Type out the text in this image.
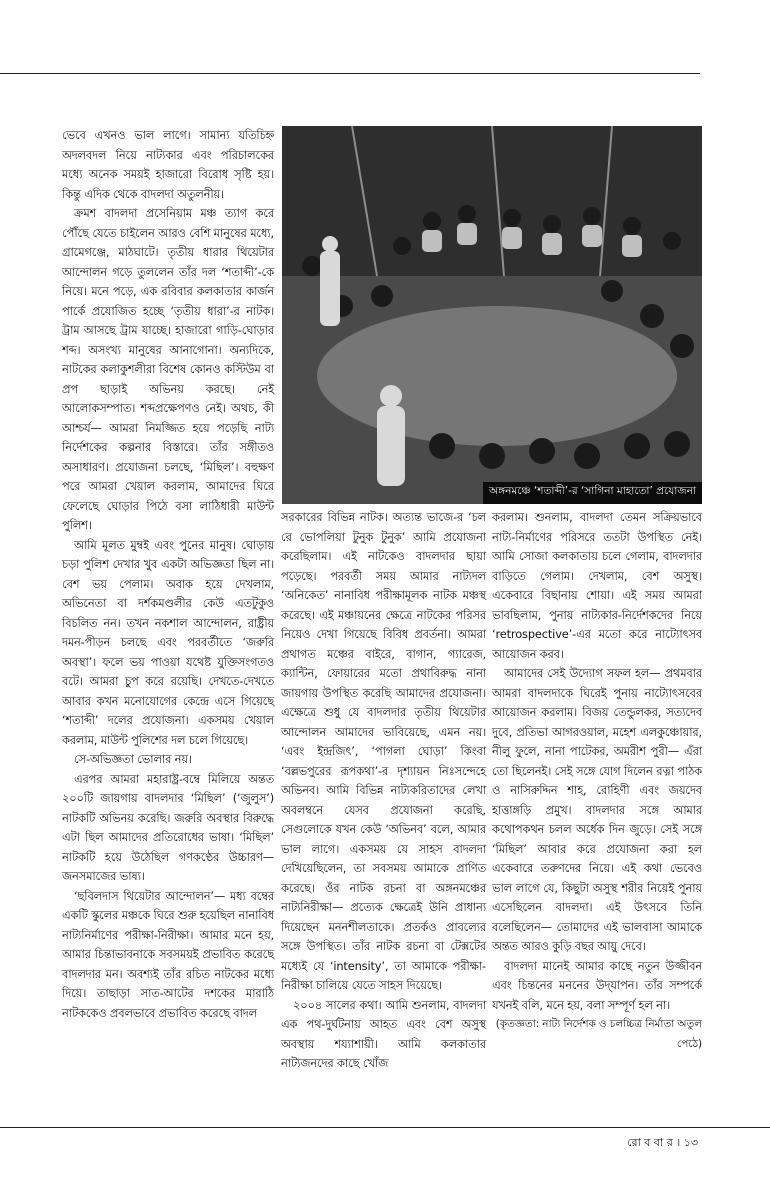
ভেবে এখনও ভাল লাগে। সামান্য যতিচিহ্ন অদলবদল নিয়ে নাট্যকার এবং পরিচালকের মধ্যে অনেক সময়ই হাজারো বিরোধ সৃষ্টি হয়। কিন্তু এদিক থেকে বাদলদা অতুলনীয়।

ক্রমশ বাদলদা প্রসেনিয়াম মঞ্চ ত্যাগ করে পৌঁছে যেতে চাইলেন আরও বেশি মানুষের মধ্যে, গ্রামেগঞ্জে, মাঠঘাটে। তৃতীয় ধারার থিয়েটার আন্দোলন গড়ে তুললেন তাঁর দল ‘শতাব্দী’-কে নিয়ে। মনে পড়ে, এক রবিবার কলকাতার কার্জন পার্কে প্রযোজিত হচ্ছে ‘তৃতীয় ধারা’-র নাটক। ট্রাম আসছে ট্রাম যাচ্ছে। হাজারো গাড়ি-ঘোড়ার শব্দ। অসংখ্য মানুষের আনাগোনা। অন্যদিকে, নাটকের কলাকুশলীরা বিশেষ কোনও কস্টিউম বা প্রপ ছাড়াই অভিনয় করছে। নেই আলোকসম্পাত। শব্দপ্রক্ষেপণও নেই। অথচ, কী আশ্চর্য— আমরা নিমজ্জিত হয়ে পড়েছি নাট্য নির্দেশকের কল্পনার বিস্তারে। তাঁর সঙ্গীতও অসাধারণ। প্রযোজনা চলছে, ‘মিছিল’। বহুক্ষণ পরে আমরা খেয়াল করলাম, আমাদের ঘিরে ফেলেছে ঘোড়ার পিঠে বসা লাঠিধারী মাউন্ট পুলিশ।

আমি মূলত মুম্বই এবং পুনের মানুষ। ঘোড়ায় চড়া পুলিশ দেখার খুব একটা অভিজ্ঞতা ছিল না। বেশ ভয় পেলাম। অবাক হয়ে দেখলাম, অভিনেতা বা দর্শকমণ্ডলীর কেউ এতটুকুও বিচলিত নন। তখন নকশাল আন্দোলন, রাষ্ট্রীয় দমন-পীড়ন চলছে এবং পরবর্তীতে ‘জরুরি অবস্থা’। ফলে ভয় পাওয়া যথেষ্ট যুক্তিসংগতও বটে। আমরা চুপ করে রয়েছি। দেখতে-দেখতে আবার কখন মনোযোগের কেন্দ্রে এসে গিয়েছে ‘শতাব্দী’ দলের প্রযোজনা। একসময় খেয়াল করলাম, মাউন্ট পুলিশের দল চলে গিয়েছে।

সে-অভিজ্ঞতা ভোলার নয়।

এরপর আমরা মহারাষ্ট্র-বম্বে মিলিয়ে অন্তত ২০০টি জায়গায় বাদলদার ‘মিছিল’ (‘জুলুস’) নাটকটি অভিনয় করেছি। জরুরি অবস্থার বিরুদ্ধে এটা ছিল আমাদের প্রতিরোধের ভাষা। ‘মিছিল’ নাটকটি হয়ে উঠেছিল গণকণ্ঠের উচ্চারণ— জনসমাজের ভাষ্য।

‘ছবিলদাস থিয়েটার আন্দোলন’— মধ্য বম্বের একটি স্কুলের মঞ্চকে ঘিরে শুরু হয়েছিল নানাবিধ নাট্যনির্মাণের পরীক্ষা-নিরীক্ষা। আমার মনে হয়, আমার চিন্তাভাবনাকে সবসময়ই প্রভাবিত করেছে বাদলদার মন। অবশ্যই তাঁর রচিত নাটকের মধ্যে দিয়ে। তাছাড়া সাত-আটের দশকের মারাঠি নাটককেও প্রবলভাবে প্রভাবিত করেছে বাদল

অঙ্গনমঞ্চে ‘শতাব্দী’-র ‘সাগিনা মাহাতো’ প্রযোজনা

সরকারের বিভিন্ন নাটক। অত্যন্ত ভাজে-র ‘চল রে ভোপলিয়া টুনুক টুনুক’ আমি প্রযোজনা করেছিলাম। এই নাটকেও বাদলদার ছায়া পড়েছে। পরবর্তী সময় আমার নাট্যদল ‘অনিকেত’ নানাবিধ পরীক্ষামূলক নাটক মঞ্চস্থ করেছে। এই মঞ্চায়নের ক্ষেত্রে নাটকের পরিসর নিয়েও দেখা গিয়েছে বিবিধ প্রবর্তনা। আমরা প্রথাগত মঞ্চের বাইরে, বাগান, গ্যারেজ, ক্যান্টিন, ফোয়ারের মতো প্রথাবিরুদ্ধ নানা জায়গায় উপস্থিত করেছি আমাদের প্রযোজনা। এক্ষেত্রে শুধু যে বাদলদার তৃতীয় থিয়েটার আন্দোলন আমাদের ভাবিয়েছে, এমন নয়। ‘এবং ইন্দ্রজিৎ’, ‘পাগলা ঘোড়া’ কিংবা ‘বল্লভপুরের রূপকথা’-র দৃশ্যায়ন নিঃসন্দেহে অভিনব। আমি বিভিন্ন নাট্যকরিতাদের লেখা অবলম্বনে যেসব প্রযোজনা করেছি, সেগুলোকে যখন কেউ ‘অভিনব’ বলে, আমার ভাল লাগে। একসময় যে সাহস বাদলদা দেখিয়েছিলেন, তা সবসময় আমাকে প্রাণিত করেছে। ওঁর নাটক রচনা বা অঙ্গনমঞ্চের নাট্যনিরীক্ষা— প্রত্যেক ক্ষেত্রেই উনি প্রাধান্য দিয়েছেন মননশীলতাকে। প্রতর্কও প্রাবল্যের সঙ্গে উপস্থিত। তাঁর নাটক রচনা বা টেক্সটের মধ্যেই যে ‘intensity’, তা আমাকে পরীক্ষা-নিরীক্ষা চালিয়ে যেতে সাহস দিয়েছে।

২০০৪ সালের কথা। আমি শুনলাম, বাদলদা এক পথ-দুর্ঘটনায় আহত এবং বেশ অসুস্থ অবস্থায় শয্যাশায়ী। আমি কলকাতার নাট্যজনদের কাছে খোঁজ

করলাম। শুনলাম, বাদলদা তেমন সক্রিয়ভাবে নাট্য-নির্মাণের পরিসরে ততটা উপস্থিত নেই। আমি সোজা কলকাতায় চলে গেলাম, বাদলদার বাড়িতে গেলাম। দেখলাম, বেশ অসুস্থ। একেবারে বিছানায় শোয়া। এই সময় আমরা ভাবছিলাম, পুনায় নাট্যকার-নির্দেশকদের নিয়ে ‘retrospective’-এর মতো করে নাট্যোৎসব আয়োজন করব।

আমাদের সেই উদ্যোগ সফল হল— প্রথমবার আমরা বাদলদাকে ঘিরেই পুনায় নাট্যোৎসবের আয়োজন করলাম। বিজয় তেন্ডুলকর, সত্যদেব দুবে, প্রতিভা আগরওয়াল, মহেশ এলকুঞ্চোয়ার, নীলু ফুলে, নানা পাটেকর, অমরীশ পুরী— এঁরা তো ছিলেনই। সেই সঙ্গে যোগ দিলেন রত্না পাঠক ও নাসিরুদ্দিন শাহ, রোহিণী এবং জয়দেব হাত্তাঙ্গড়ি প্রমুখ। বাদলদার সঙ্গে আমার কথোপকথন চলল অর্ধেক দিন জুড়ে। সেই সঙ্গে ‘মিছিল’ আবার করে প্রযোজনা করা হল একেবারে তরুণদের নিয়ে। এই কথা ভেবেও ভাল লাগে যে, কিছুটা অসুস্থ শরীর নিয়েই পুনায় এসেছিলেন বাদলদা। এই উৎসবে তিনি বলেছিলেন— তোমাদের এই ভালবাসা আমাকে অন্তত আরও কুড়ি বছর আয়ু দেবে।

বাদলদা মানেই আমার কাছে নতুন উজ্জীবন এবং চিন্তনের মননের উদ্‌যাপন। তাঁর সম্পর্কে যখনই বলি, মনে হয়, বলা সম্পূর্ণ হল না।

(কৃতজ্ঞতা: নাট্য নির্দেশক ও চলচ্চিত্র নির্মাতা অতুল পেঠে)

রো ব বা র । ১৩
